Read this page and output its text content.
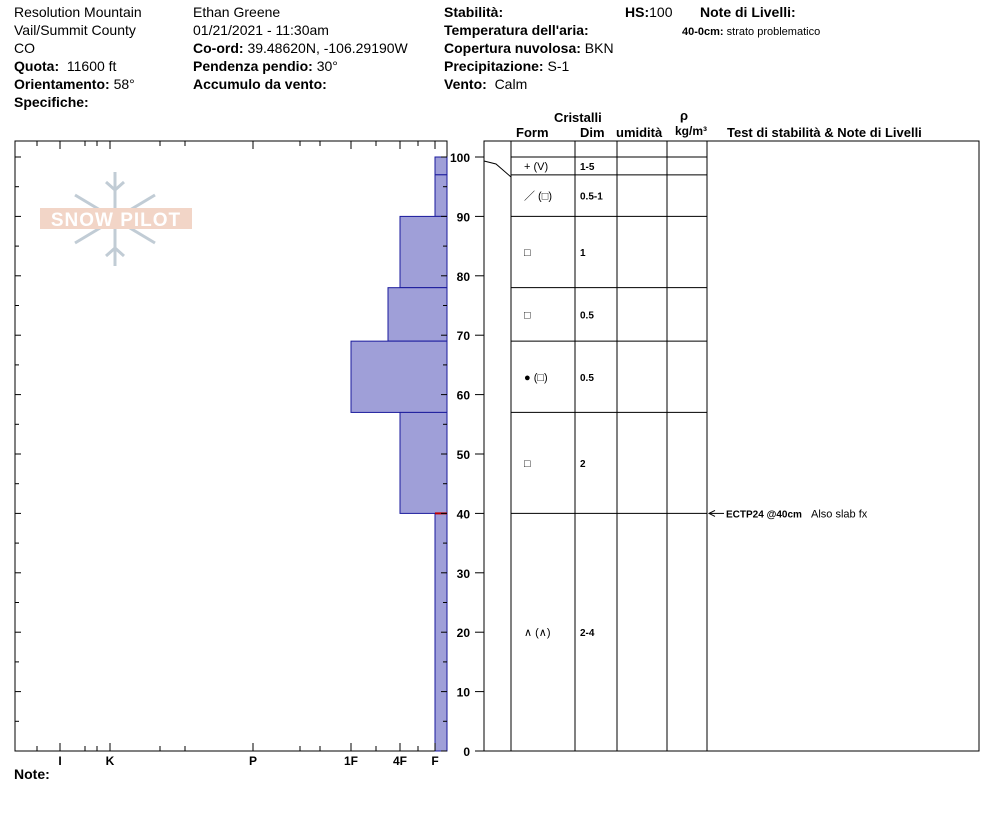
Resolution Mountain
Vail/Summit County
CO
Quota: 11600 ft
Orientamento: 58°
Specifiche:
Ethan Greene
01/21/2021 - 11:30am
Co-ord: 39.48620N, -106.29190W
Pendenza pendio: 30°
Accumulo da vento:
Stabilità:
Temperatura dell'aria:
Copertura nuvolosa: BKN
Precipitazione: S-1
Vento: Calm
HS:100 Note di Livelli:
40-0cm: strato problematico
Cristalli
Form Dim umidità
ρ
kg/m³ Test di stabilità & Note di Livelli
Note:
SNOW PILOT
I	K	P	1F	4F F
0
10
20
30
40
50
60
70
80
90
100
+ (V)	1-5
／ (□)	0.5-1
□	1
□	0.5
● (□)	0.5
□	2
∧ (∧)	2-4
ECTP24 @40cm Also slab fx
